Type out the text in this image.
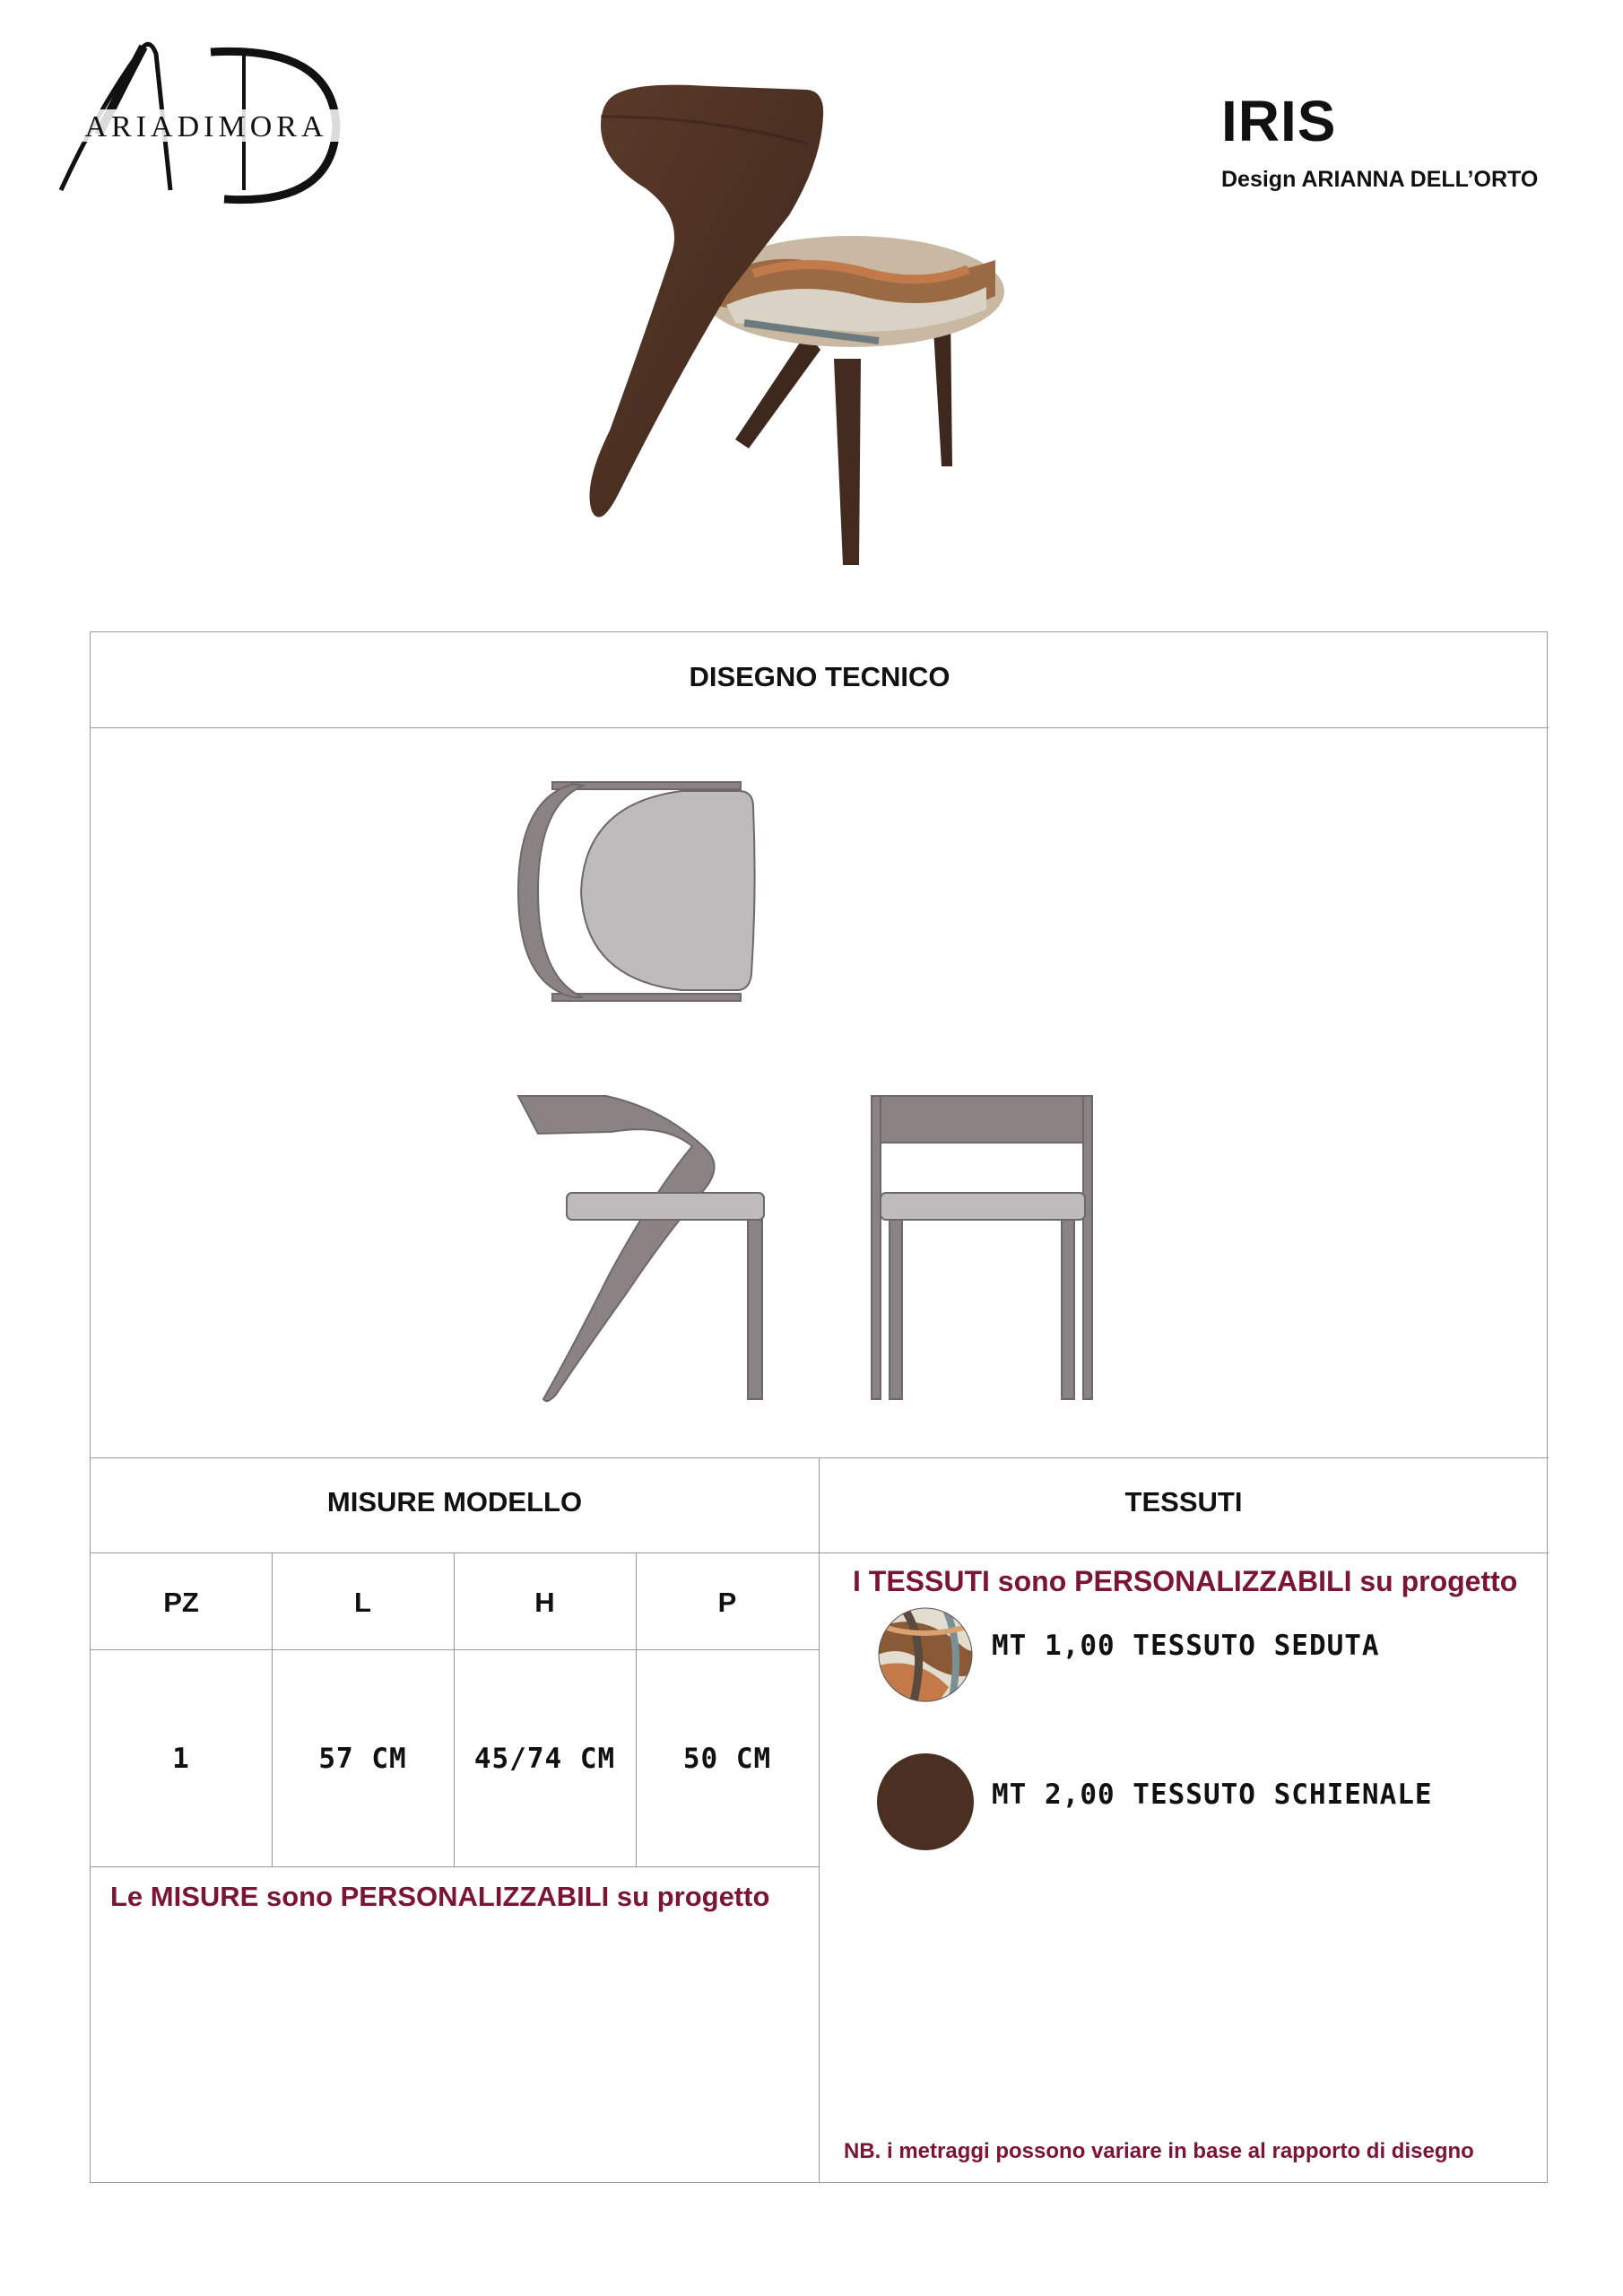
ARIADIMORA	IRIS
Design ARIANNA DELL’ORTO
DISEGNO TECNICO
MISURE MODELLO	TESSUTI
PZ	L	H	P
1	57 CM	45/74 CM	50 CM
Le MISURE sono PERSONALIZZABILI su progetto
I TESSUTI sono PERSONALIZZABILI su progetto
MT 1,00 TESSUTO SEDUTA
MT 2,00 TESSUTO SCHIENALE
NB. i metraggi possono variare in base al rapporto di disegno
